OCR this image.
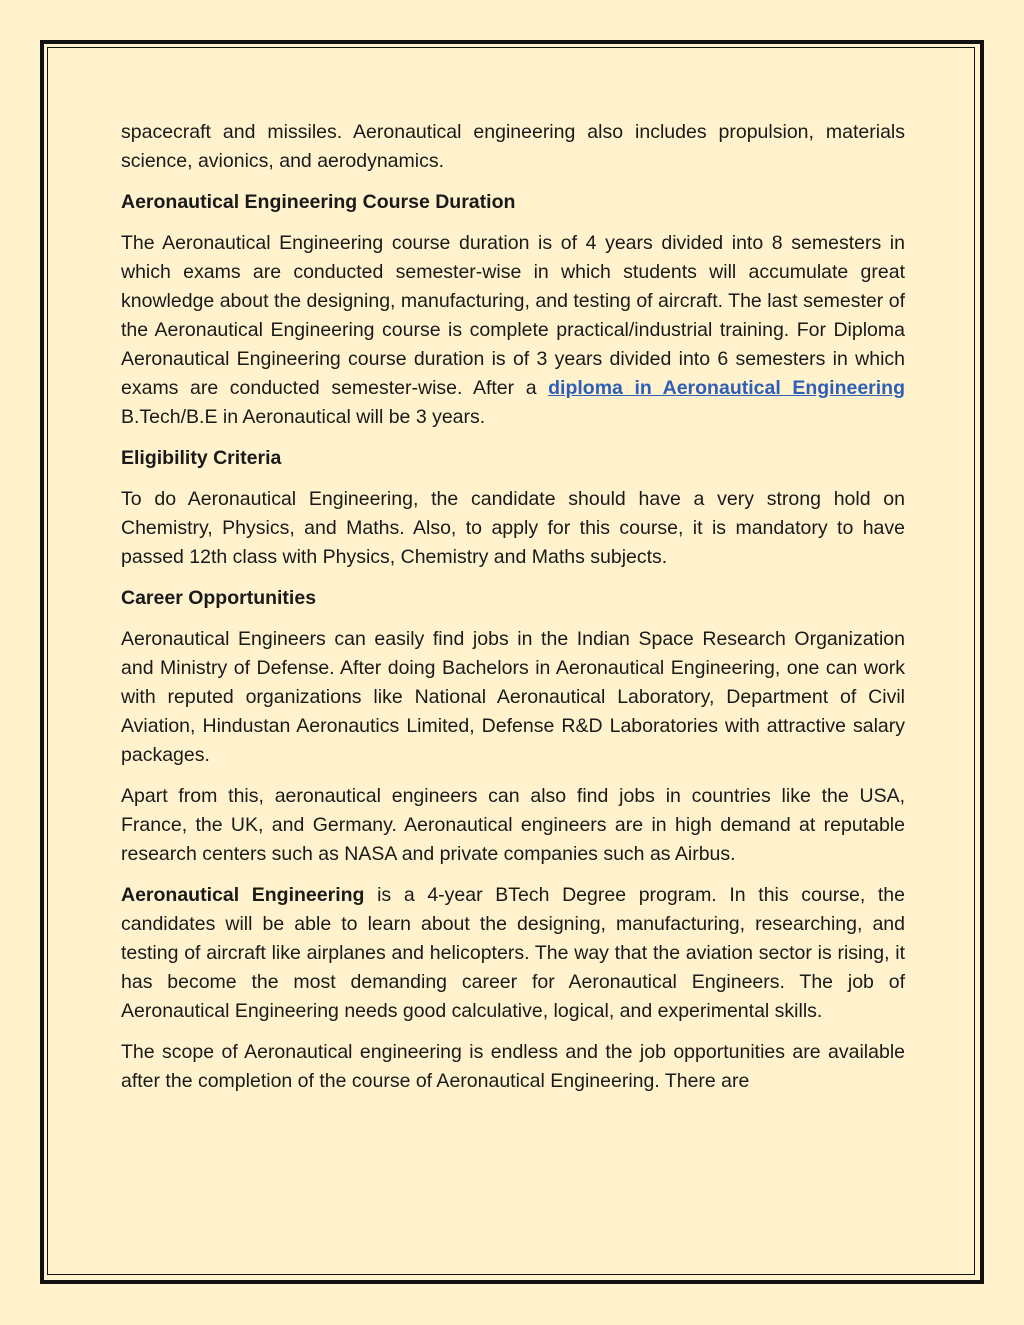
spacecraft and missiles. Aeronautical engineering also includes propulsion, materials science, avionics, and aerodynamics.

Aeronautical Engineering Course Duration

The Aeronautical Engineering course duration is of 4 years divided into 8 semesters in which exams are conducted semester-wise in which students will accumulate great knowledge about the designing, manufacturing, and testing of aircraft. The last semester of the Aeronautical Engineering course is complete practical/industrial training. For Diploma Aeronautical Engineering course duration is of 3 years divided into 6 semesters in which exams are conducted semester-wise. After a diploma in Aeronautical Engineering B.Tech/B.E in Aeronautical will be 3 years.

Eligibility Criteria

To do Aeronautical Engineering, the candidate should have a very strong hold on Chemistry, Physics, and Maths. Also, to apply for this course, it is mandatory to have passed 12th class with Physics, Chemistry and Maths subjects.

Career Opportunities

Aeronautical Engineers can easily find jobs in the Indian Space Research Organization and Ministry of Defense. After doing Bachelors in Aeronautical Engineering, one can work with reputed organizations like National Aeronautical Laboratory, Department of Civil Aviation, Hindustan Aeronautics Limited, Defense R&D Laboratories with attractive salary packages.

Apart from this, aeronautical engineers can also find jobs in countries like the USA, France, the UK, and Germany. Aeronautical engineers are in high demand at reputable research centers such as NASA and private companies such as Airbus.

Aeronautical Engineering is a 4-year BTech Degree program. In this course, the candidates will be able to learn about the designing, manufacturing, researching, and testing of aircraft like airplanes and helicopters. The way that the aviation sector is rising, it has become the most demanding career for Aeronautical Engineers. The job of Aeronautical Engineering needs good calculative, logical, and experimental skills.

The scope of Aeronautical engineering is endless and the job opportunities are available after the completion of the course of Aeronautical Engineering. There are
